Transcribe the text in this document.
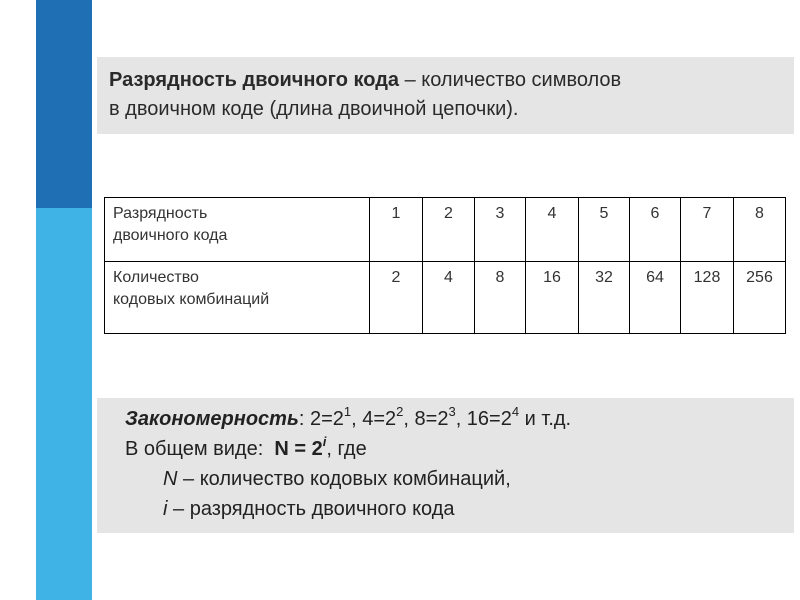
Разрядность двоичного кода – количество символов
в двоичном коде (длина двоичной цепочки).
Разрядность
двоичного кода	1	2	3	4	5	6	7	8

Количество
кодовых комбинаций	2	4	8	16	32	64	128	256
Закономерность: $2=2^1$, $4=2^2$, $8=2^3$, $16=2^4$ и т.д.
В общем виде:  $N = 2^i$, где
N – количество кодовых комбинаций,
i – разрядность двоичного кода
